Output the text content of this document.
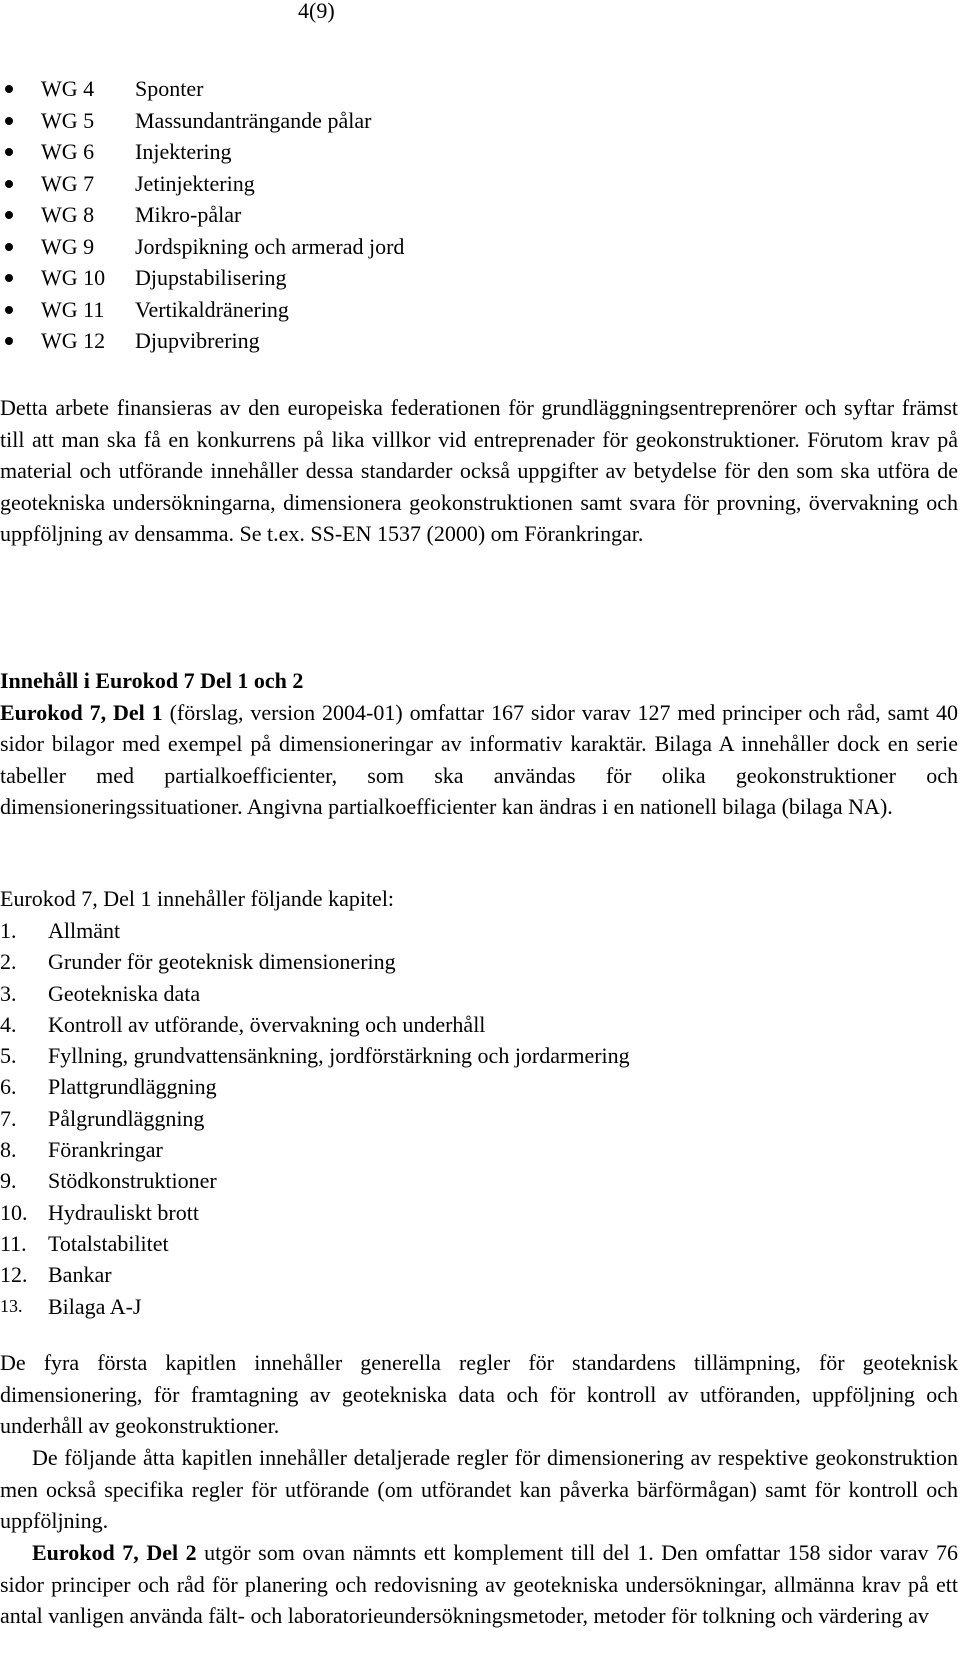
4(9)
WG 4 Sponter
WG 5 Massundanträngande pålar
WG 6 Injektering
WG 7 Jetinjektering
WG 8 Mikro-pålar
WG 9 Jordspikning och armerad jord
WG 10 Djupstabilisering
WG 11 Vertikaldränering
WG 12 Djupvibrering

Detta arbete finansieras av den europeiska federationen för grundläggningsentreprenörer och syftar främst till att man ska få en konkurrens på lika villkor vid entreprenader för geokonstruktioner. Förutom krav på material och utförande innehåller dessa standarder också uppgifter av betydelse för den som ska utföra de geotekniska undersökningarna, dimensionera geokonstruktionen samt svara för provning, övervakning och uppföljning av densamma. Se t.ex. SS-EN 1537 (2000) om Förankringar.

Innehåll i Eurokod 7 Del 1 och 2

Eurokod 7, Del 1 (förslag, version 2004-01) omfattar 167 sidor varav 127 med principer och råd, samt 40 sidor bilagor med exempel på dimensioneringar av informativ karaktär. Bilaga A innehåller dock en serie tabeller med partialkoefficienter, som ska användas för olika geokonstruktioner och dimensioneringssituationer. Angivna partialkoefficienter kan ändras i en nationell bilaga (bilaga NA).

Eurokod 7, Del 1 innehåller följande kapitel:
1. Allmänt
2. Grunder för geoteknisk dimensionering
3. Geotekniska data
4. Kontroll av utförande, övervakning och underhåll
5. Fyllning, grundvattensänkning, jordförstärkning och jordarmering
6. Plattgrundläggning
7. Pålgrundläggning
8. Förankringar
9. Stödkonstruktioner
10. Hydrauliskt brott
11. Totalstabilitet
12. Bankar
13. Bilaga A-J

De fyra första kapitlen innehåller generella regler för standardens tillämpning, för geoteknisk dimensionering, för framtagning av geotekniska data och för kontroll av utföranden, uppföljning och underhåll av geokonstruktioner.

De följande åtta kapitlen innehåller detaljerade regler för dimensionering av respektive geokonstruktion men också specifika regler för utförande (om utförandet kan påverka bärförmågan) samt för kontroll och uppföljning.

Eurokod 7, Del 2 utgör som ovan nämnts ett komplement till del 1. Den omfattar 158 sidor varav 76 sidor principer och råd för planering och redovisning av geotekniska undersökningar, allmänna krav på ett antal vanligen använda fält- och laboratorieundersökningsmetoder, metoder för tolkning och värdering av
